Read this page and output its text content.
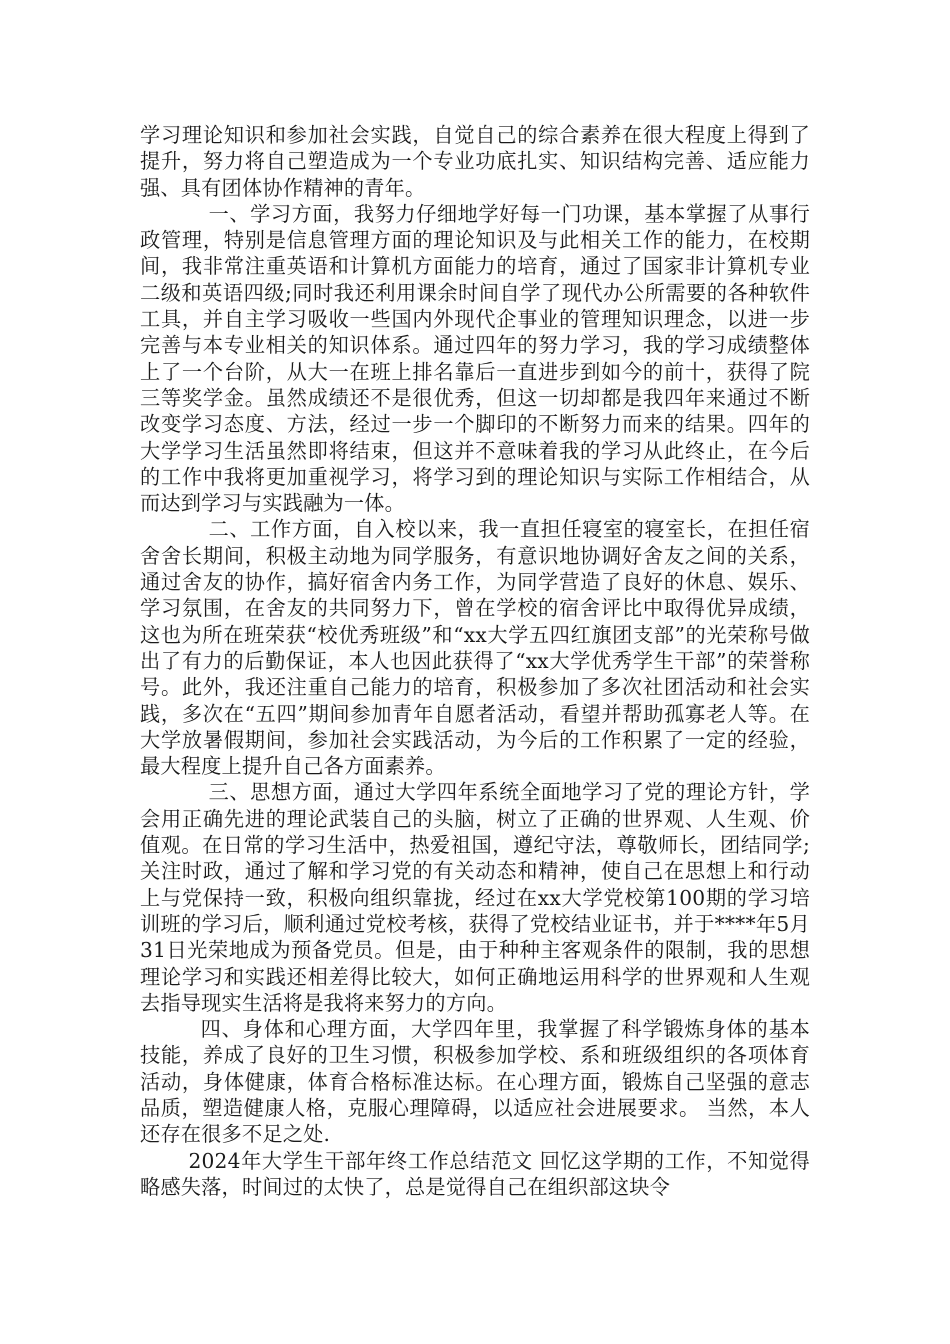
学习理论知识和参加社会实践，自觉自己的综合素养在很大程度上得到了提升，努力将自己塑造成为一个专业功底扎实、知识结构完善、适应能力强、具有团体协作精神的青年。

一、学习方面，我努力仔细地学好每一门功课，基本掌握了从事行政管理，特别是信息管理方面的理论知识及与此相关工作的能力，在校期间，我非常注重英语和计算机方面能力的培育，通过了国家非计算机专业二级和英语四级;同时我还利用课余时间自学了现代办公所需要的各种软件工具，并自主学习吸收一些国内外现代企事业的管理知识理念，以进一步完善与本专业相关的知识体系。通过四年的努力学习，我的学习成绩整体上了一个台阶，从大一在班上排名靠后一直进步到如今的前十，获得了院三等奖学金。虽然成绩还不是很优秀，但这一切却都是我四年来通过不断改变学习态度、方法，经过一步一个脚印的不断努力而来的结果。四年的大学学习生活虽然即将结束，但这并不意味着我的学习从此终止，在今后的工作中我将更加重视学习，将学习到的理论知识与实际工作相结合，从而达到学习与实践融为一体。

二、工作方面，自入校以来，我一直担任寝室的寝室长，在担任宿舍舍长期间，积极主动地为同学服务，有意识地协调好舍友之间的关系，通过舍友的协作，搞好宿舍内务工作，为同学营造了良好的休息、娱乐、学习氛围，在舍友的共同努力下，曾在学校的宿舍评比中取得优异成绩，这也为所在班荣获“校优秀班级”和“xx大学五四红旗团支部”的光荣称号做出了有力的后勤保证，本人也因此获得了“xx大学优秀学生干部”的荣誉称号。此外，我还注重自己能力的培育，积极参加了多次社团活动和社会实践，多次在“五四”期间参加青年自愿者活动，看望并帮助孤寡老人等。在大学放暑假期间，参加社会实践活动，为今后的工作积累了一定的经验，最大程度上提升自己各方面素养。

三、思想方面，通过大学四年系统全面地学习了党的理论方针，学会用正确先进的理论武装自己的头脑，树立了正确的世界观、人生观、价值观。在日常的学习生活中，热爱祖国，遵纪守法，尊敬师长，团结同学;关注时政，通过了解和学习党的有关动态和精神，使自己在思想上和行动上与党保持一致，积极向组织靠拢，经过在xx大学党校第100期的学习培训班的学习后，顺利通过党校考核，获得了党校结业证书，并于****年5月31日光荣地成为预备党员。但是，由于种种主客观条件的限制，我的思想理论学习和实践还相差得比较大，如何正确地运用科学的世界观和人生观去指导现实生活将是我将来努力的方向。

四、身体和心理方面，大学四年里，我掌握了科学锻炼身体的基本技能，养成了良好的卫生习惯，积极参加学校、系和班级组织的各项体育活动，身体健康，体育合格标准达标。在心理方面，锻炼自己坚强的意志品质，塑造健康人格，克服心理障碍，以适应社会进展要求。 当然，本人还存在很多不足之处.

2024年大学生干部年终工作总结范文 回忆这学期的工作，不知觉得略感失落，时间过的太快了，总是觉得自己在组织部这块令
